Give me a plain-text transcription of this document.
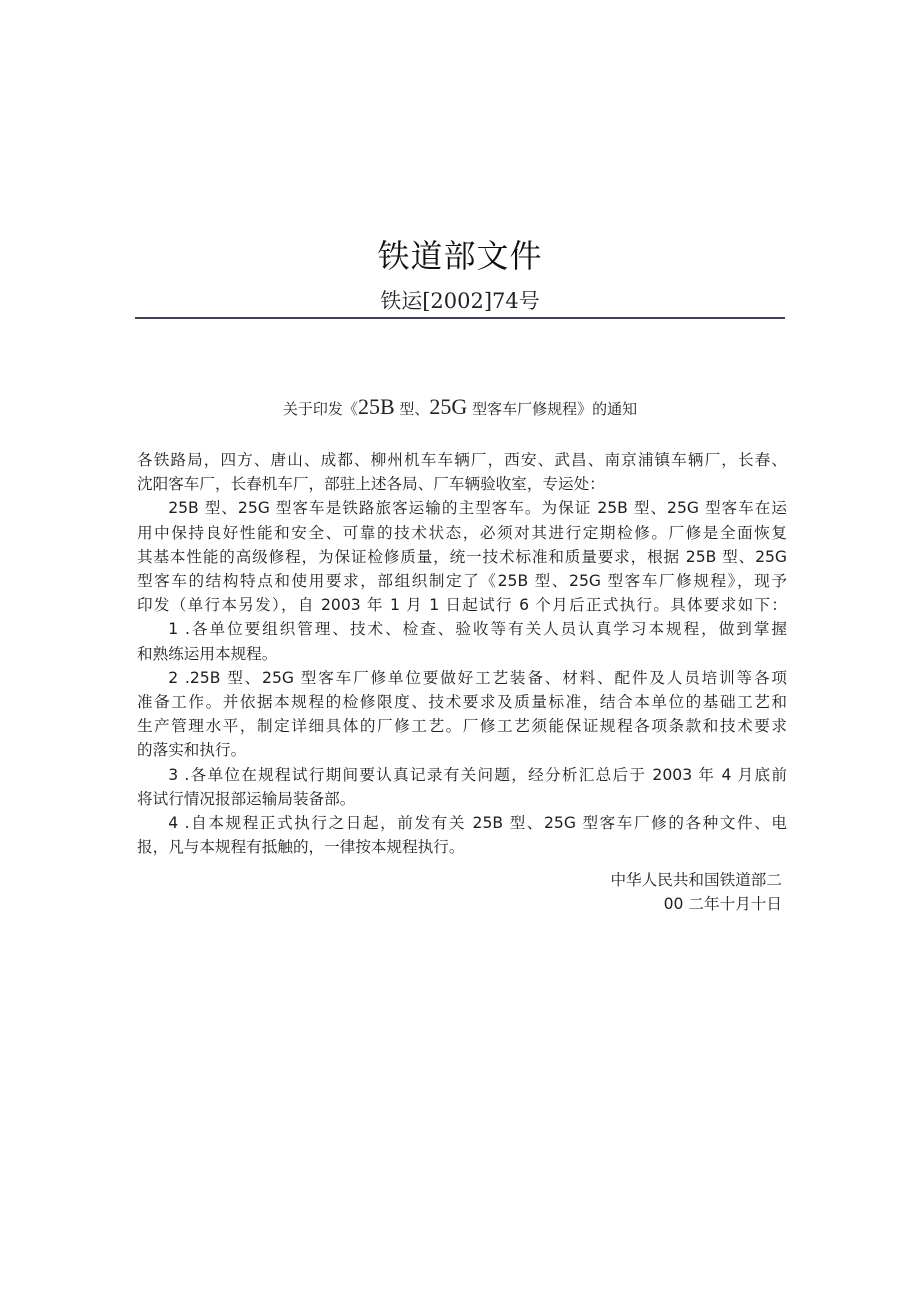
铁道部文件
铁运[2002]74号
关于印发《25B 型、25G 型客车厂修规程》的通知
各铁路局，四方、唐山、成都、柳州机车车辆厂，西安、武昌、南京浦镇车辆厂，长春、
沈阳客车厂，长春机车厂，部驻上述各局、厂车辆验收室，专运处：
25B 型、25G 型客车是铁路旅客运输的主型客车。为保证 25B 型、25G 型客车在运
用中保持良好性能和安全、可靠的技术状态，必须对其进行定期检修。厂修是全面恢复
其基本性能的高级修程，为保证检修质量，统一技术标准和质量要求，根据 25B 型、25G
型客车的结构特点和使用要求，部组织制定了《25B 型、25G 型客车厂修规程》，现予
印发（单行本另发），自 2003 年 1 月 1 日起试行 6 个月后正式执行。具体要求如下：
1 .各单位要组织管理、技术、检查、验收等有关人员认真学习本规程，做到掌握
和熟练运用本规程。
2 .25B 型、25G 型客车厂修单位要做好工艺装备、材料、配件及人员培训等各项
准备工作。并依据本规程的检修限度、技术要求及质量标准，结合本单位的基础工艺和
生产管理水平，制定详细具体的厂修工艺。厂修工艺须能保证规程各项条款和技术要求
的落实和执行。
3 .各单位在规程试行期间要认真记录有关问题，经分析汇总后于 2003 年 4 月底前
将试行情况报部运输局装备部。
4 .自本规程正式执行之日起，前发有关 25B 型、25G 型客车厂修的各种文件、电
报，凡与本规程有抵触的，一律按本规程执行。
中华人民共和国铁道部二
00 二年十月十日
